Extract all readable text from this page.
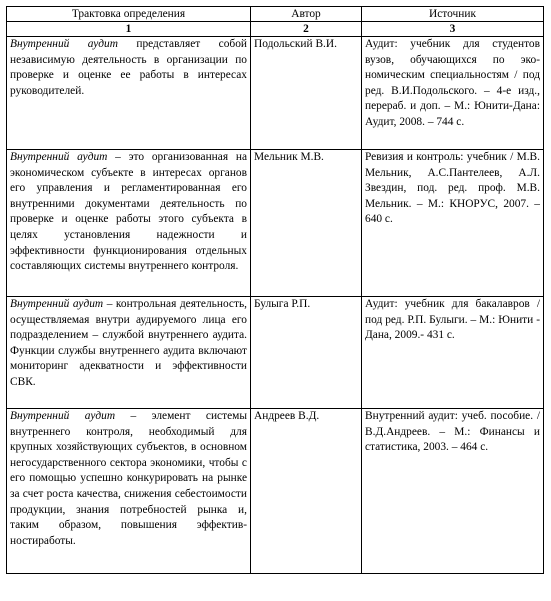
Трактовка определения	Автор	Источник
1	2	3
Внутренний аудит представляет собой независимую деятельность в организации по проверке и оценке ее работы в интересах руководителей.	Подольский В.И.	Аудит: учебник для студентов вузов, обучающихся по экономическим специальностям / под ред. В.И.Подольского. – 4-е изд., перераб. и доп. – М.: Юнити-Дана: Аудит, 2008. – 744 с.
Внутренний аудит – это организованная на экономическом субъекте в интересах органов его управления и регламентированная его внутренними документами деятельность по проверке и оценке работы этого субъекта в целях установления надежности и эффективности функционирования отдельных составляющих системы внутреннего контроля.	Мельник М.В.	Ревизия и контроль: учебник / М.В. Мельник, А.С.Пантелеев, А.Л. Звездин, под. ред. проф. М.В. Мельник. – М.: КНОРУС, 2007. – 640 с.
Внутренний аудит – контрольная деятельность, осуществляемая внутри аудируемого лица его подразделением – службой внутреннего аудита. Функции службы внутреннего аудита включают мониторинг адекватности и эффективности СВК.	Булыга Р.П.	Аудит: учебник для бакалавров / под ред. Р.П. Булыги. – М.: Юнити - Дана, 2009.- 431 с.
Внутренний аудит – элемент системы внутреннего контроля, необходимый для крупных хозяйствующих субъектов, в основном негосударственного сектора экономики, чтобы с его помощью успешно конкурировать на рынке за счет роста качества, снижения себестоимости продукции, знания потребностей рынка и, таким образом, повышения эффективностиработы.	Андреев В.Д.	Внутренний аудит: учеб. пособие. / В.Д.Андреев. – М.: Финансы и статистика, 2003. – 464 с.
